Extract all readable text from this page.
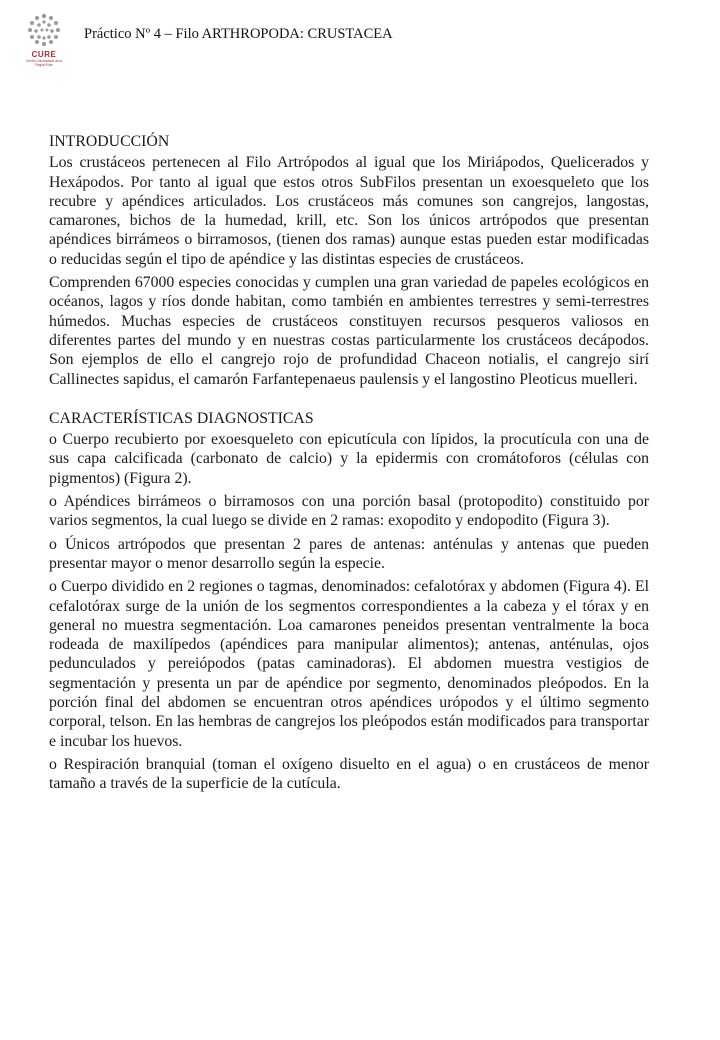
CURE
Centro Universitario de la Región Este
Práctico Nº 4 – Filo ARTHROPODA: CRUSTACEA
INTRODUCCIÓN

Los crustáceos pertenecen al Filo Artrópodos al igual que los Miriápodos, Quelicerados y Hexápodos. Por tanto al igual que estos otros SubFilos presentan un exoesqueleto que los recubre y apéndices articulados. Los crustáceos más comunes son cangrejos, langostas, camarones, bichos de la humedad, krill, etc. Son los únicos artrópodos que presentan apéndices birrámeos o birramosos, (tienen dos ramas) aunque estas pueden estar modificadas o reducidas según el tipo de apéndice y las distintas especies de crustáceos.

Comprenden 67000 especies conocidas y cumplen una gran variedad de papeles ecológicos en océanos, lagos y ríos donde habitan, como también en ambientes terrestres y semi-terrestres húmedos. Muchas especies de crustáceos constituyen recursos pesqueros valiosos en diferentes partes del mundo y en nuestras costas particularmente los crustáceos decápodos. Son ejemplos de ello el cangrejo rojo de profundidad Chaceon notialis, el cangrejo sirí Callinectes sapidus, el camarón Farfantepenaeus paulensis y el langostino Pleoticus muelleri.

CARACTERÍSTICAS DIAGNOSTICAS
o Cuerpo recubierto por exoesqueleto con epicutícula con lípidos, la procutícula con una de sus capa calcificada (carbonato de calcio) y la epidermis con cromátoforos (células con pigmentos) (Figura 2).
o Apéndices birrámeos o birramosos con una porción basal (protopodito) constituido por varios segmentos, la cual luego se divide en 2 ramas: exopodito y endopodito (Figura 3).
o Únicos artrópodos que presentan 2 pares de antenas: anténulas y antenas que pueden presentar mayor o menor desarrollo según la especie.
o Cuerpo dividido en 2 regiones o tagmas, denominados: cefalotórax y abdomen (Figura 4). El cefalotórax surge de la unión de los segmentos correspondientes a la cabeza y el tórax y en general no muestra segmentación. Loa camarones peneidos presentan ventralmente la boca rodeada de maxilípedos (apéndices para manipular alimentos); antenas, anténulas, ojos pedunculados y pereiópodos (patas caminadoras). El abdomen muestra vestigios de segmentación y presenta un par de apéndice por segmento, denominados pleópodos. En la porción final del abdomen se encuentran otros apéndices urópodos y el último segmento corporal, telson. En las hembras de cangrejos los pleópodos están modificados para transportar e incubar los huevos.
o Respiración branquial (toman el oxígeno disuelto en el agua) o en crustáceos de menor tamaño a través de la superficie de la cutícula.
